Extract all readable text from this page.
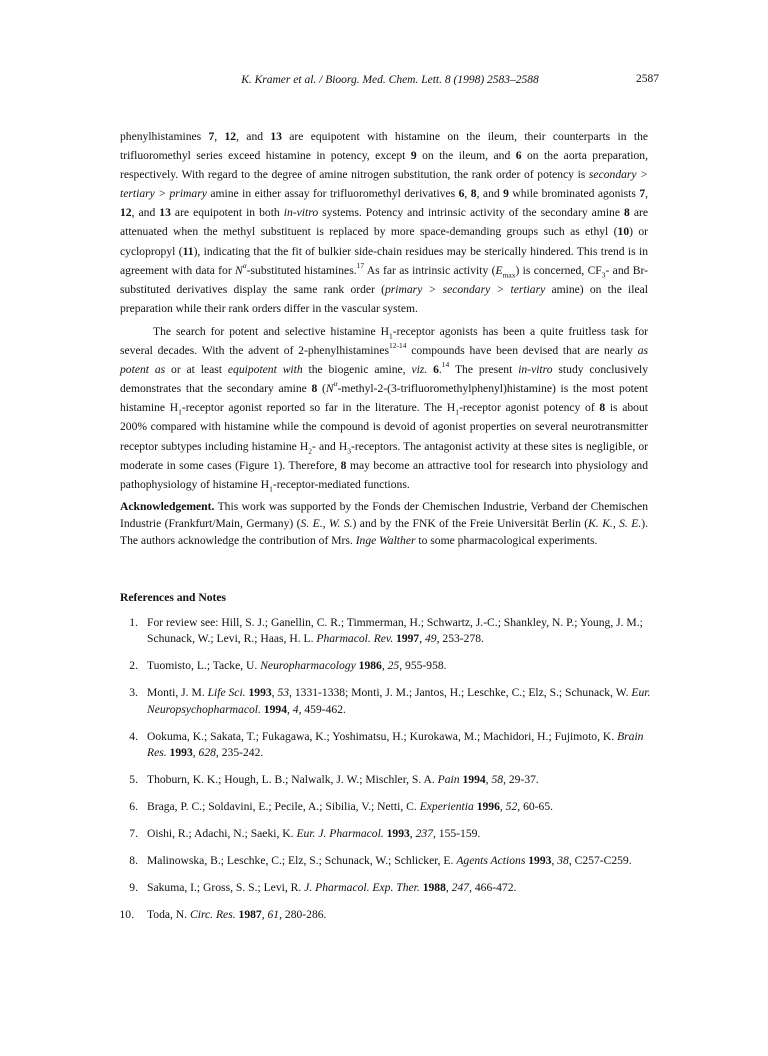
K. Kramer et al. / Bioorg. Med. Chem. Lett. 8 (1998) 2583–2588	2587

phenylhistamines 7, 12, and 13 are equipotent with histamine on the ileum, their counterparts in the trifluoromethyl series exceed histamine in potency, except 9 on the ileum, and 6 on the aorta preparation, respectively. With regard to the degree of amine nitrogen substitution, the rank order of potency is secondary > tertiary > primary amine in either assay for trifluoromethyl derivatives 6, 8, and 9 while brominated agonists 7, 12, and 13 are equipotent in both in-vitro systems. Potency and intrinsic activity of the secondary amine 8 are attenuated when the methyl substituent is replaced by more space-demanding groups such as ethyl (10) or cyclopropyl (11), indicating that the fit of bulkier side-chain residues may be sterically hindered. This trend is in agreement with data for $N^\alpha$-substituted histamines.$^{17}$ As far as intrinsic activity $(E_{max})$ is concerned, $CF_3-$ and Br-substituted derivatives display the same rank order (primary > secondary > tertiary amine) on the ileal preparation while their rank orders differ in the vascular system.

The search for potent and selective histamine $H_1$-receptor agonists has been a quite fruitless task for several decades. With the advent of 2-phenylhistamines$^{12-14}$ compounds have been devised that are nearly as potent as or at least equipotent with the biogenic amine, viz. 6.14 The present in-vitro study conclusively demonstrates that the secondary amine 8 $(N^\alpha-methyl-2-(3-trifluoromethylphenyl)histamine)$ is the most potent histamine $H_1$-receptor agonist reported so far in the literature. The $H_1$-receptor agonist potency of 8 is about 200% compared with histamine while the compound is devoid of agonist properties on several neurotransmitter receptor subtypes including histamine $H_2-$ and $H_3$-receptors. The antagonist activity at these sites is negligible, or moderate in some cases (Figure 1). Therefore, 8 may become an attractive tool for research into physiology and pathophysiology of histamine $H_1-receptor$-mediated functions.

Acknowledgement. This work was supported by the Fonds der Chemischen Industrie, Verband der Chemischen Industrie (Frankfurt/Main, Germany) (S. E., W. S.) and by the FNK of the Freie Universität Berlin (K. K., S. E.). The authors acknowledge the contribution of Mrs. Inge Walther to some pharmacological experiments.

References and Notes
1. For review see: Hill, S. J.; Ganellin, C. R.; Timmerman, H.; Schwartz, J.-C.; Shankley, N. P.; Young, J. M.; Schunack, W.; Levi, R.; Haas, H. L. Pharmacol. Rev. 1997, 49, 253-278.
2. Tuomisto, L.; Tacke, U. Neuropharmacology 1986, 25, 955-958.
3. Monti, J. M. Life Sci. 1993, 53, 1331-1338; Monti, J. M.; Jantos, H.; Leschke, C.; Elz, S.; Schunack, W. Eur. Neuropsychopharmacol. 1994, 4, 459-462.
4. Ookuma, K.; Sakata, T.; Fukagawa, K.; Yoshimatsu, H.; Kurokawa, M.; Machidori, H.; Fujimoto, K. Brain Res. 1993, 628, 235-242.
5. Thoburn, K. K.; Hough, L. B.; Nalwalk, J. W.; Mischler, S. A. Pain 1994, 58, 29-37.
6. Braga, P. C.; Soldavini, E.; Pecile, A.; Sibilia, V.; Netti, C. Experientia 1996, 52, 60-65.
7. Oishi, R.; Adachi, N.; Saeki, K. Eur. J. Pharmacol. 1993, 237, 155-159.
8. Malinowska, B.; Leschke, C.; Elz, S.; Schunack, W.; Schlicker, E. Agents Actions 1993, 38, C257-C259.
9. Sakuma, I.; Gross, S. S.; Levi, R. J. Pharmacol. Exp. Ther. 1988, 247, 466-472.
10. Toda, N. Circ. Res. 1987, 61, 280-286.
